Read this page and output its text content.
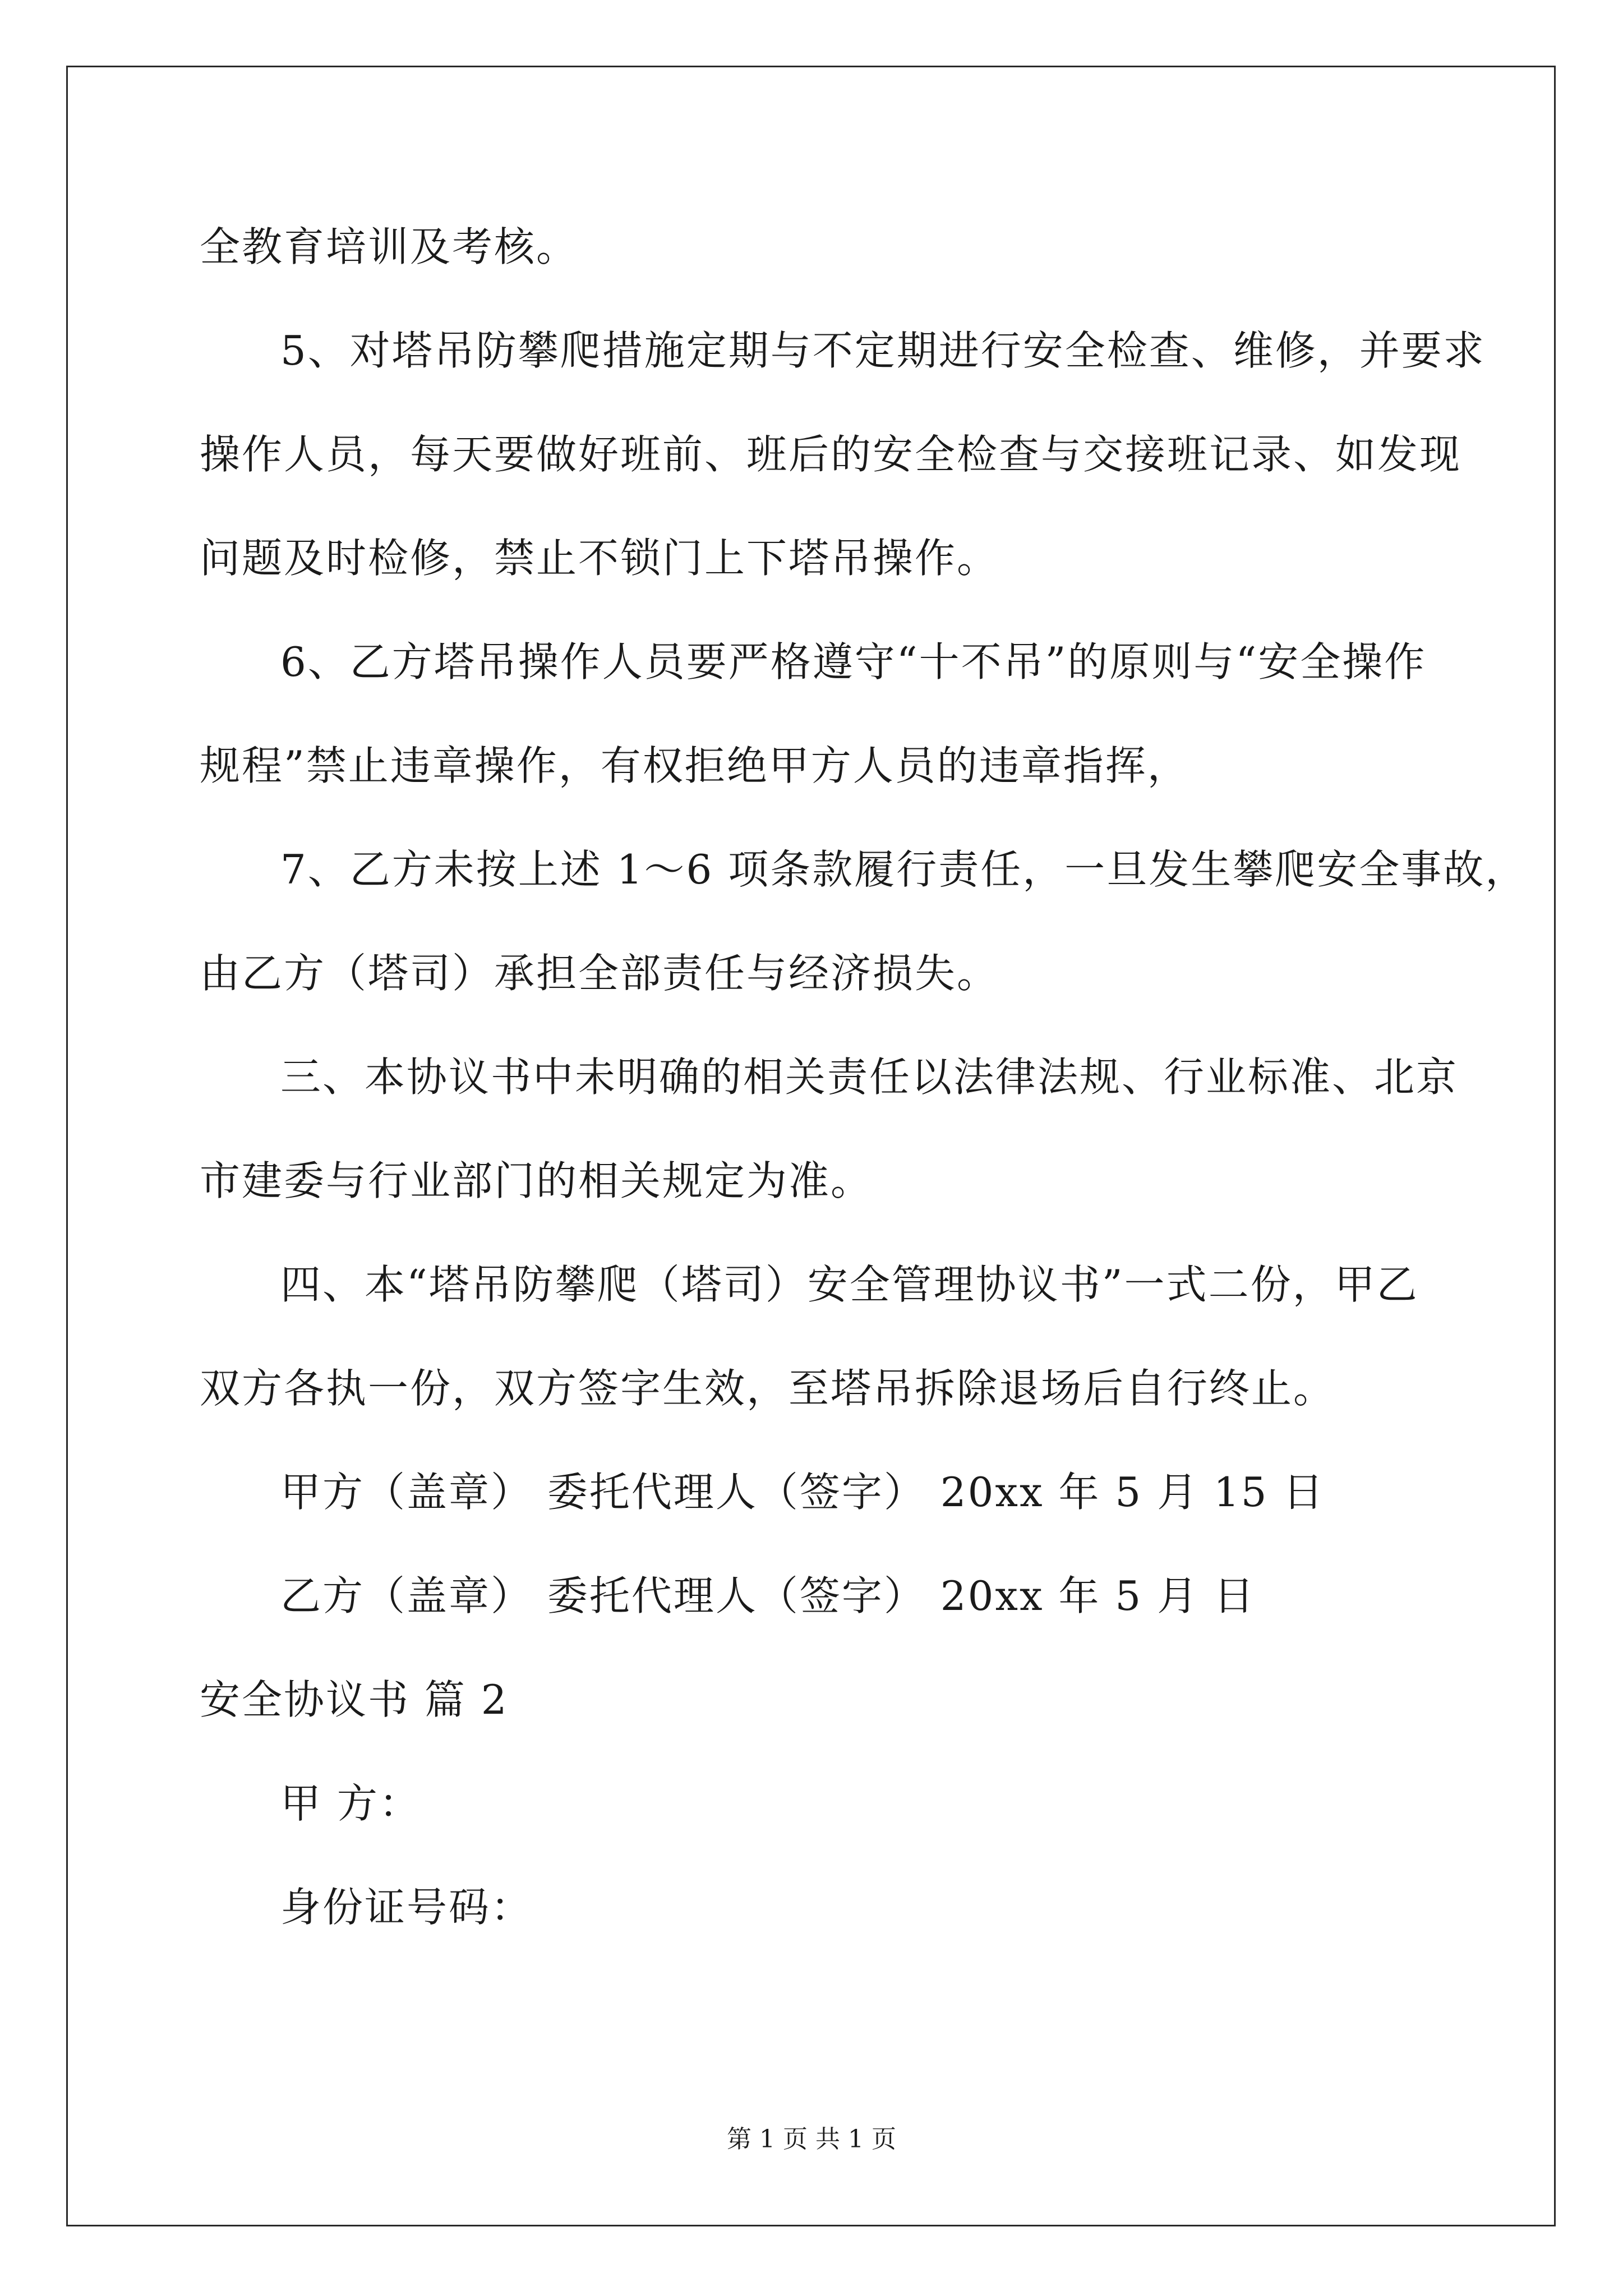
全教育培训及考核。
5、对塔吊防攀爬措施定期与不定期进行安全检查、维修，并要求
操作人员，每天要做好班前、班后的安全检查与交接班记录、如发现
问题及时检修，禁止不锁门上下塔吊操作。
6、乙方塔吊操作人员要严格遵守“十不吊”的原则与“安全操作
规程”禁止违章操作，有权拒绝甲方人员的违章指挥，
7、乙方未按上述 1～6 项条款履行责任，一旦发生攀爬安全事故，
由乙方（塔司）承担全部责任与经济损失。
三、本协议书中未明确的相关责任以法律法规、行业标准、北京
市建委与行业部门的相关规定为准。
四、本“塔吊防攀爬（塔司）安全管理协议书”一式二份，甲乙
双方各执一份，双方签字生效，至塔吊拆除退场后自行终止。
甲方（盖章） 委托代理人（签字） 20xx 年 5 月 15 日
乙方（盖章） 委托代理人（签字） 20xx 年 5 月 日
安全协议书 篇 2
甲 方：
身份证号码：
第 1 页 共 1 页
